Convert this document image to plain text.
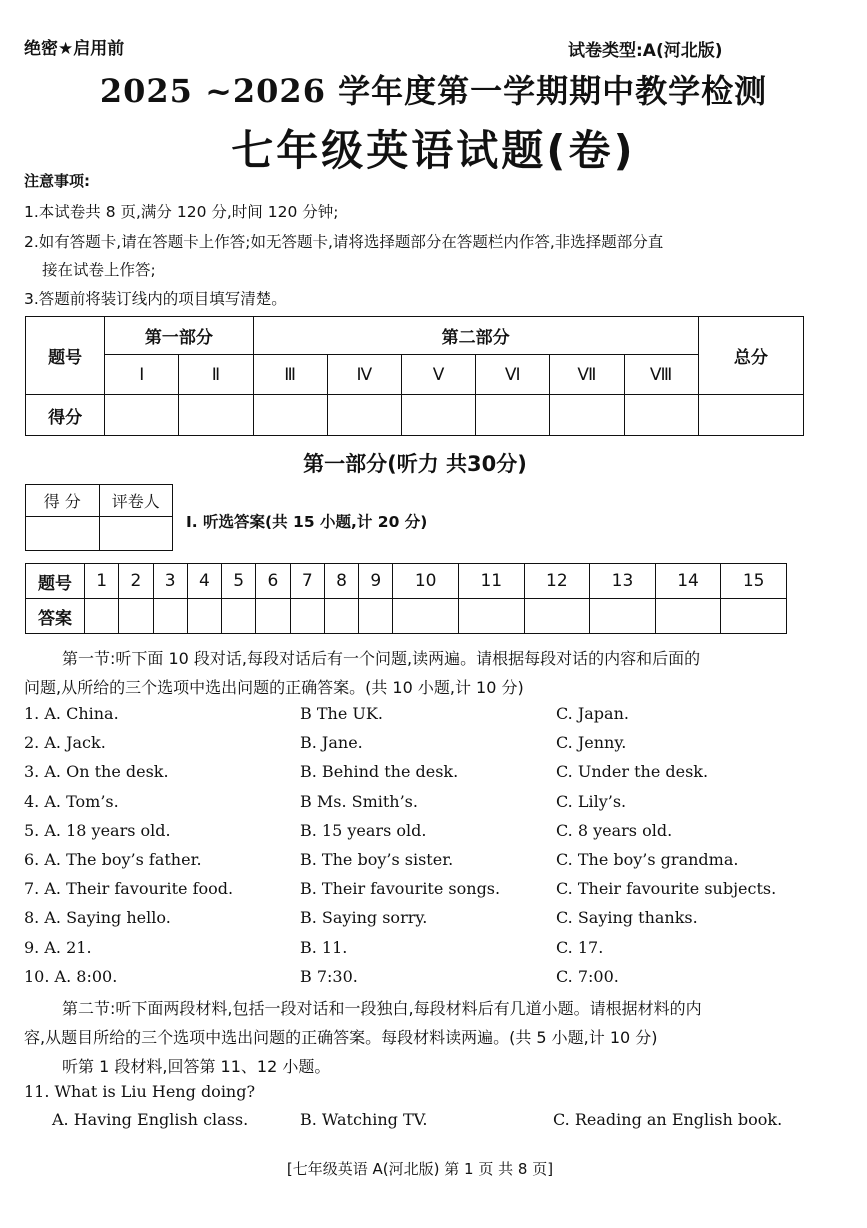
绝密★启用前	试卷类型:A(河北版)
2025 ~2026 学年度第一学期期中教学检测
七年级英语试题(卷)
注意事项:
1.本试卷共 8 页,满分 120 分,时间 120 分钟;
2.如有答题卡,请在答题卡上作答;如无答题卡,请将选择题部分在答题栏内作答,非选择题部分直
接在试卷上作答;
3.答题前将装订线内的项目填写清楚。
题号	第一部分		第二部分						总分
	Ⅰ	Ⅱ	Ⅲ	Ⅳ	Ⅴ	Ⅵ	Ⅶ	Ⅷ	
得分									
第一部分(听力 共30分)
得 分	评卷人

Ⅰ. 听选答案(共 15 小题,计 20 分)
题号	1	2	3	4	5	6	7	8	9	10	11	12	13	14	15
答案															
第一节:听下面 10 段对话,每段对话后有一个问题,读两遍。请根据每段对话的内容和后面的
问题,从所给的三个选项中选出问题的正确答案。(共 10 小题,计 10 分)
1. A. China.	B The UK.	C. Japan.
2. A. Jack.	B. Jane.	C. Jenny.
3. A. On the desk.	B. Behind the desk.	C. Under the desk.
4. A. Tom’s.	B Ms. Smith’s.	C. Lily’s.
5. A. 18 years old.	B. 15 years old.	C. 8 years old.
6. A. The boy’s father.	B. The boy’s sister.	C. The boy’s grandma.
7. A. Their favourite food.	B. Their favourite songs.	C. Their favourite subjects.
8. A. Saying hello.	B. Saying sorry.	C. Saying thanks.
9. A. 21.	B. 11.	C. 17.
10. A. 8:00.	B 7:30.	C. 7:00.
第二节:听下面两段材料,包括一段对话和一段独白,每段材料后有几道小题。请根据材料的内
容,从题目所给的三个选项中选出问题的正确答案。每段材料读两遍。(共 5 小题,计 10 分)
听第 1 段材料,回答第 11、12 小题。
11. What is Liu Heng doing?
A. Having English class.	B. Watching TV.	C. Reading an English book.
[七年级英语 A(河北版) 第 1 页 共 8 页]
